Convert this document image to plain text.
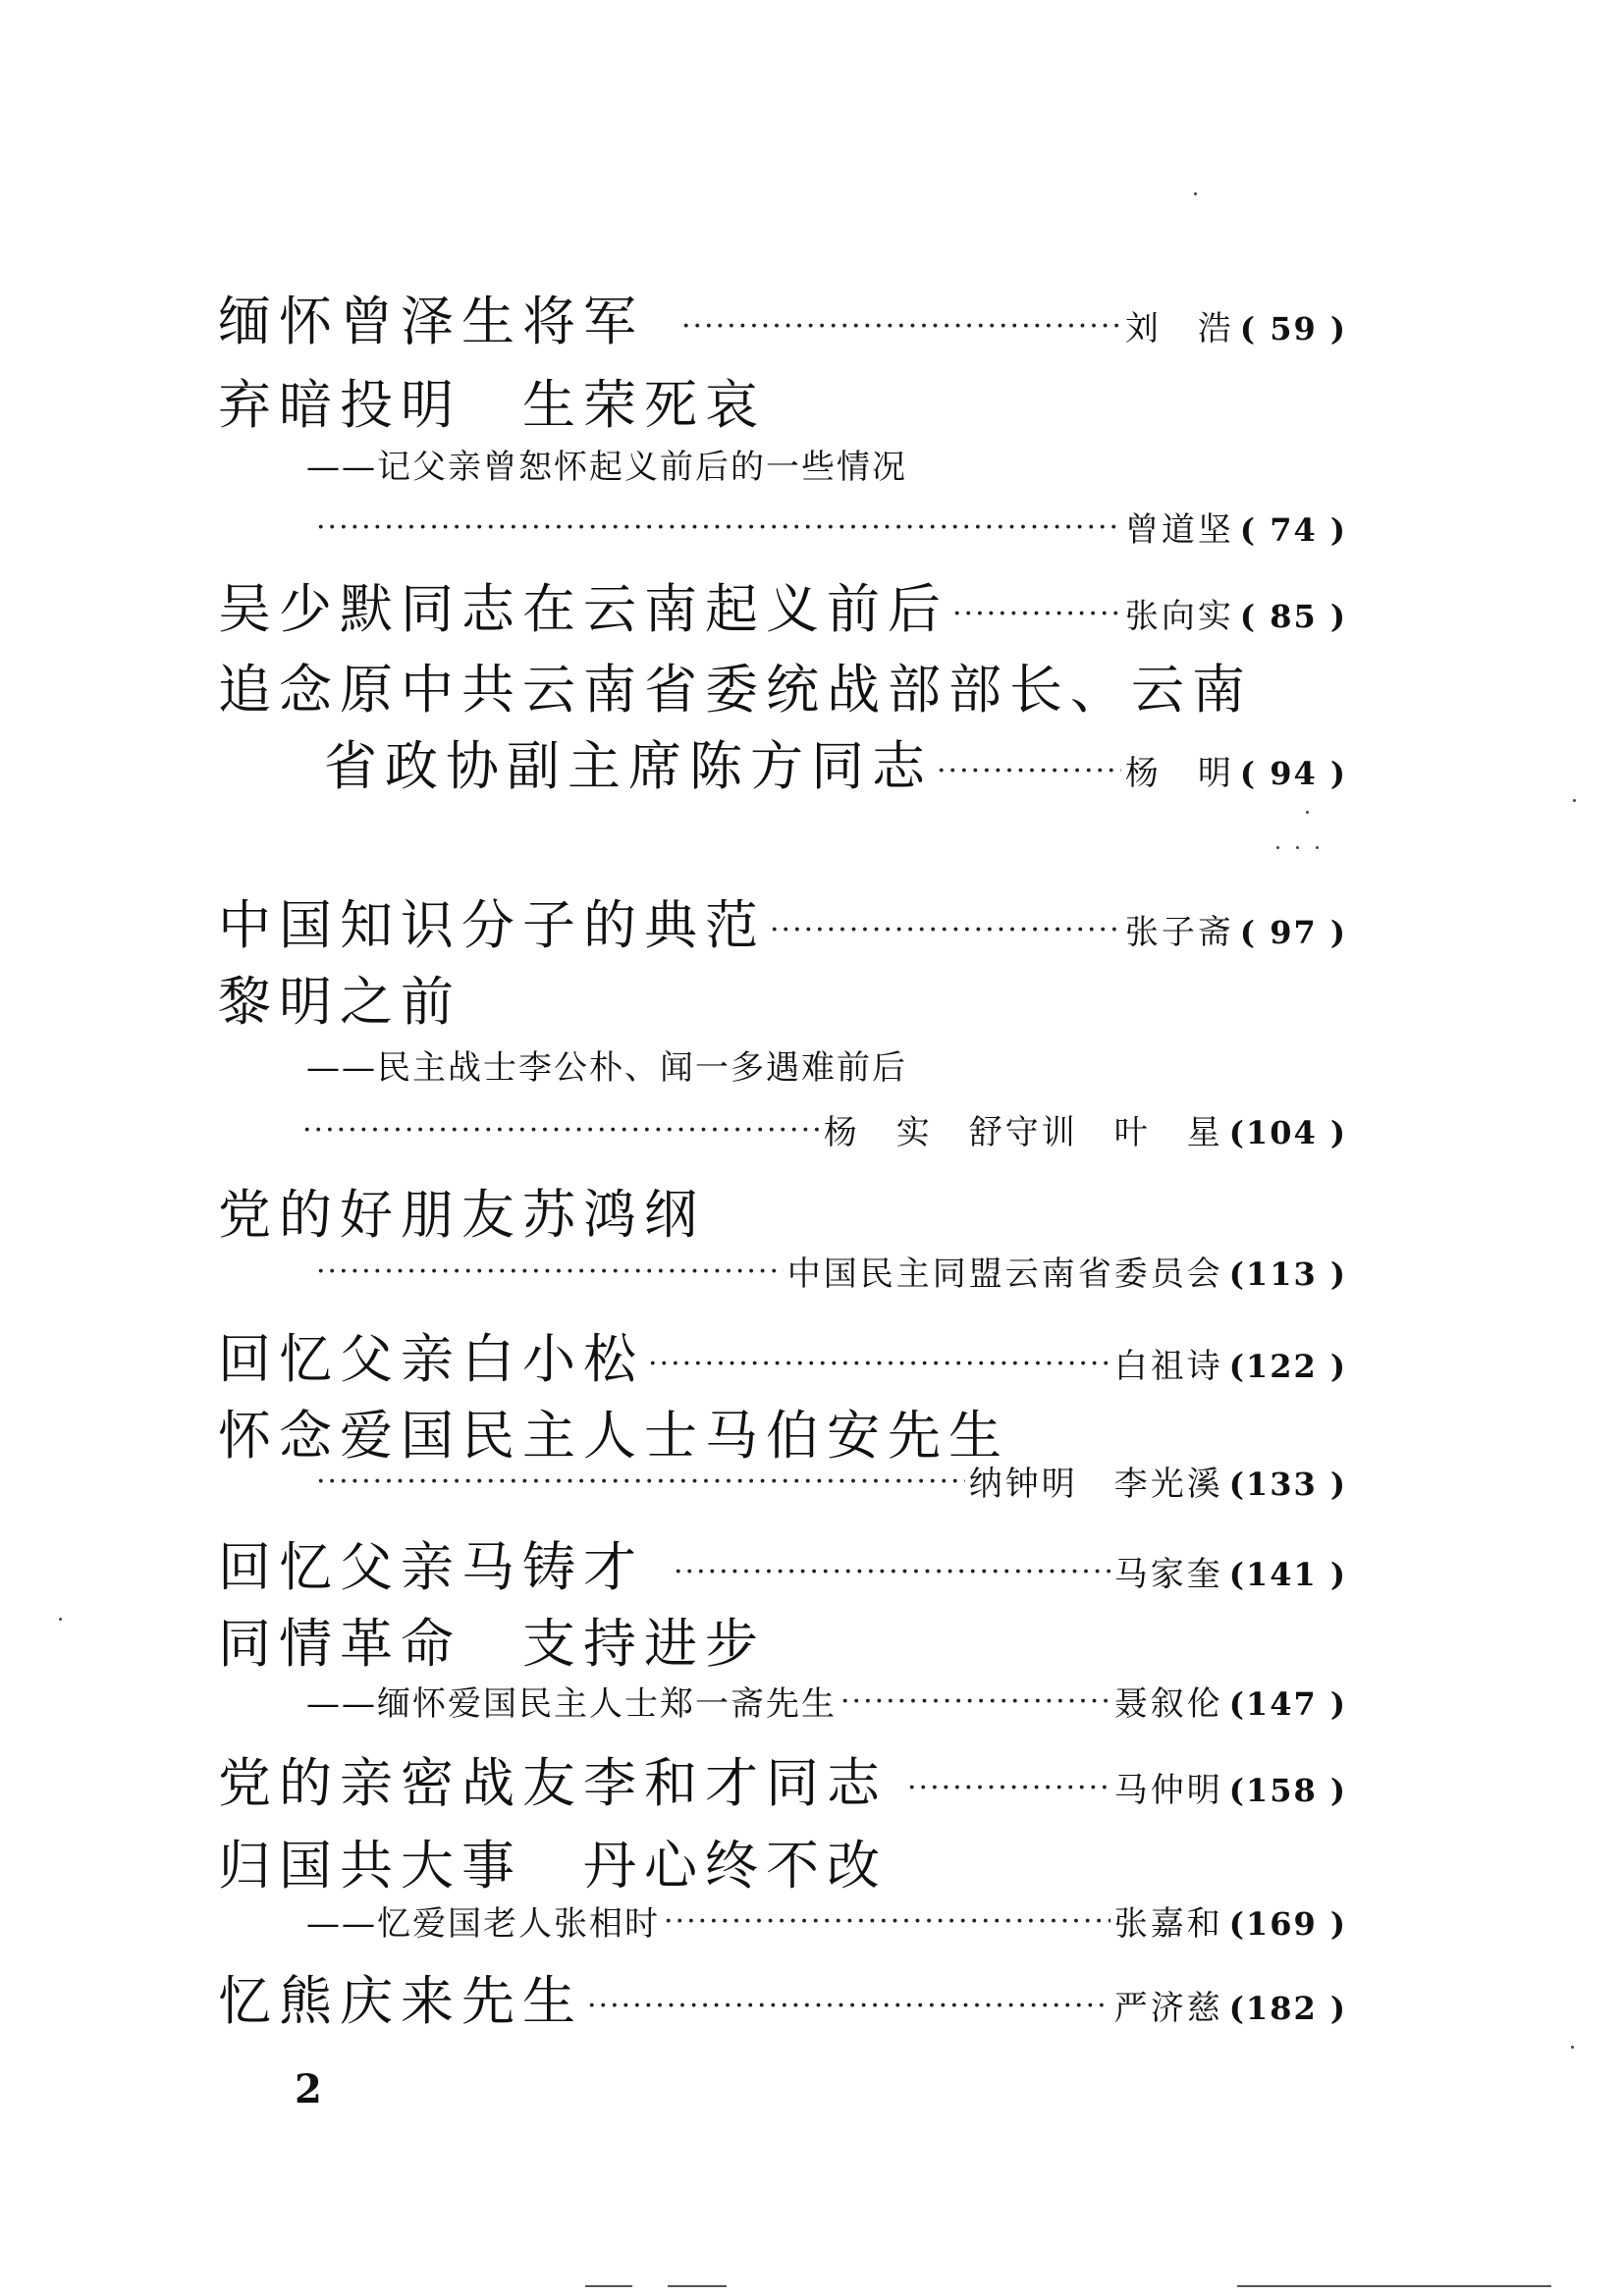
缅怀曾泽生将军 ·····	刘　浩 ( 59 )
弃暗投明　生荣死哀
——记父亲曾恕怀起义前后的一些情况
·····
曾道坚 ( 74 )
吴少默同志在云南起义前后 ·····	张向实 ( 85 )
追念原中共云南省委统战部部长、云南
省政协副主席陈方同志 ·····	杨　明 ( 94 )
中国知识分子的典范 ·····	张子斋 ( 97 )
黎明之前
——民主战士李公朴、闻一多遇难前后
·····
杨　实　舒守训　叶　星 (104 )
党的好朋友苏鸿纲
·····
中国民主同盟云南省委员会 (113 )
回忆父亲白小松 ·····	白祖诗 (122 )
怀念爱国民主人士马伯安先生
·····
纳钟明　李光溪 (133 )
回忆父亲马铸才 ·····	马家奎 (141 )
同情革命　支持进步
——缅怀爱国民主人士郑一斋先生 ·····	聂叙伦 (147 )
党的亲密战友李和才同志 ·····	马仲明 (158 )
归国共大事　丹心终不改
——忆爱国老人张相时 ·····	张嘉和 (169 )
忆熊庆来先生 ·····	严济慈 (182 )
2
